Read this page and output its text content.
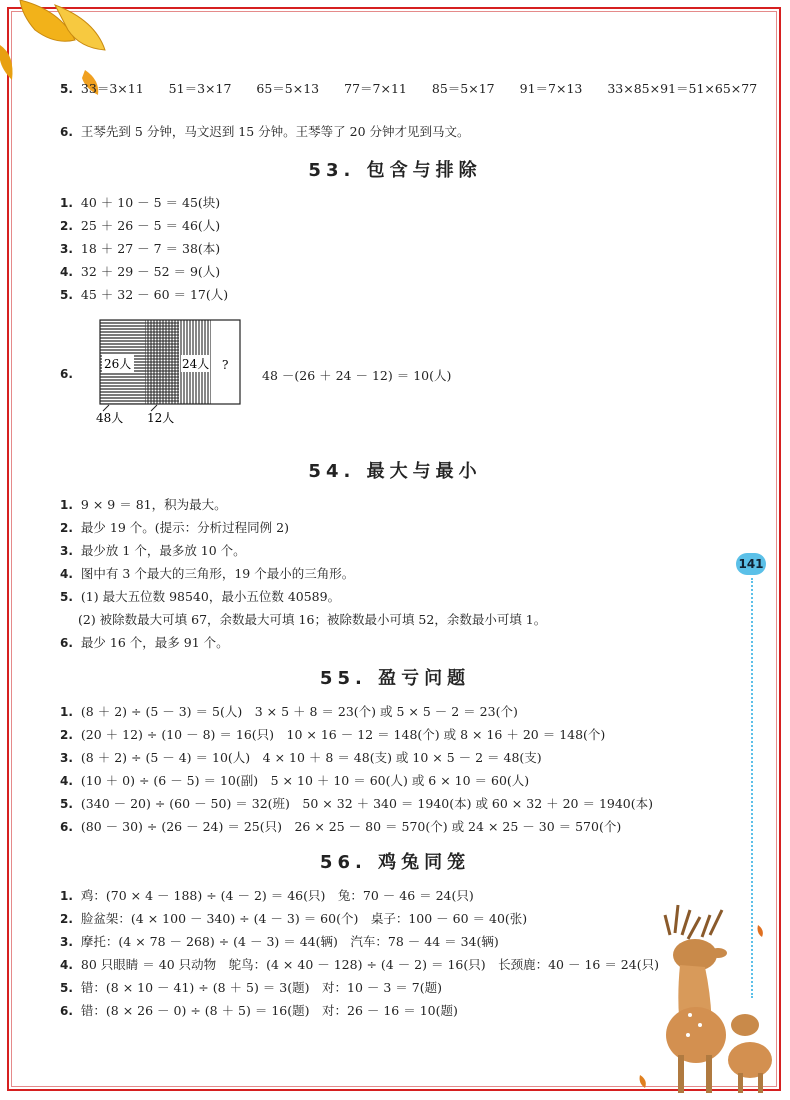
5. 33＝3×11　　51＝3×17　　65＝5×13　　77＝7×11　　85＝5×17　　91＝7×13　　33×85×91＝51×65×77
6. 王琴先到 5 分钟，马文迟到 15 分钟。王琴等了 20 分钟才见到马文。
53. 包含与排除
1. 40 ＋ 10 － 5 ＝ 45(块)
2. 25 ＋ 26 － 5 ＝ 46(人)
3. 18 ＋ 27 － 7 ＝ 38(本)
4. 32 ＋ 29 － 52 ＝ 9(人)
5. 45 ＋ 32 － 60 ＝ 17(人)
6.
26人	24人 ?
48人 12人
48 －(26 ＋ 24 － 12) ＝ 10(人)
54. 最大与最小
1. 9 × 9 ＝ 81，积为最大。
2. 最少 19 个。(提示：分析过程同例 2)
3. 最少放 1 个，最多放 10 个。
4. 图中有 3 个最大的三角形，19 个最小的三角形。
5. (1) 最大五位数 98540，最小五位数 40589。
(2) 被除数最大可填 67，余数最大可填 16；被除数最小可填 52，余数最小可填 1。
6. 最少 16 个，最多 91 个。
55. 盈亏问题
1. (8 ＋ 2) ÷ (5 － 3) ＝ 5(人)　3 × 5 ＋ 8 ＝ 23(个) 或 5 × 5 － 2 ＝ 23(个)
2. (20 ＋ 12) ÷ (10 － 8) ＝ 16(只)　10 × 16 － 12 ＝ 148(个) 或 8 × 16 ＋ 20 ＝ 148(个)
3. (8 ＋ 2) ÷ (5 － 4) ＝ 10(人)　4 × 10 ＋ 8 ＝ 48(支) 或 10 × 5 － 2 ＝ 48(支)
4. (10 ＋ 0) ÷ (6 － 5) ＝ 10(副)　5 × 10 ＋ 10 ＝ 60(人) 或 6 × 10 ＝ 60(人)
5. (340 － 20) ÷ (60 － 50) ＝ 32(班)　50 × 32 ＋ 340 ＝ 1940(本) 或 60 × 32 ＋ 20 ＝ 1940(本)
6. (80 － 30) ÷ (26 － 24) ＝ 25(只)　26 × 25 － 80 ＝ 570(个) 或 24 × 25 － 30 ＝ 570(个)
56. 鸡兔同笼
1. 鸡：(70 × 4 － 188) ÷ (4 － 2) ＝ 46(只)　兔：70 － 46 ＝ 24(只)
2. 脸盆架：(4 × 100 － 340) ÷ (4 － 3) ＝ 60(个)　桌子：100 － 60 ＝ 40(张)
3. 摩托：(4 × 78 － 268) ÷ (4 － 3) ＝ 44(辆)　汽车：78 － 44 ＝ 34(辆)
4. 80 只眼睛 ＝ 40 只动物　鸵鸟：(4 × 40 － 128) ÷ (4 － 2) ＝ 16(只)　长颈鹿：40 － 16 ＝ 24(只)
5. 错：(8 × 10 － 41) ÷ (8 ＋ 5) ＝ 3(题)　对：10 － 3 ＝ 7(题)
6. 错：(8 × 26 － 0) ÷ (8 ＋ 5) ＝ 16(题)　对：26 － 16 ＝ 10(题)
141
